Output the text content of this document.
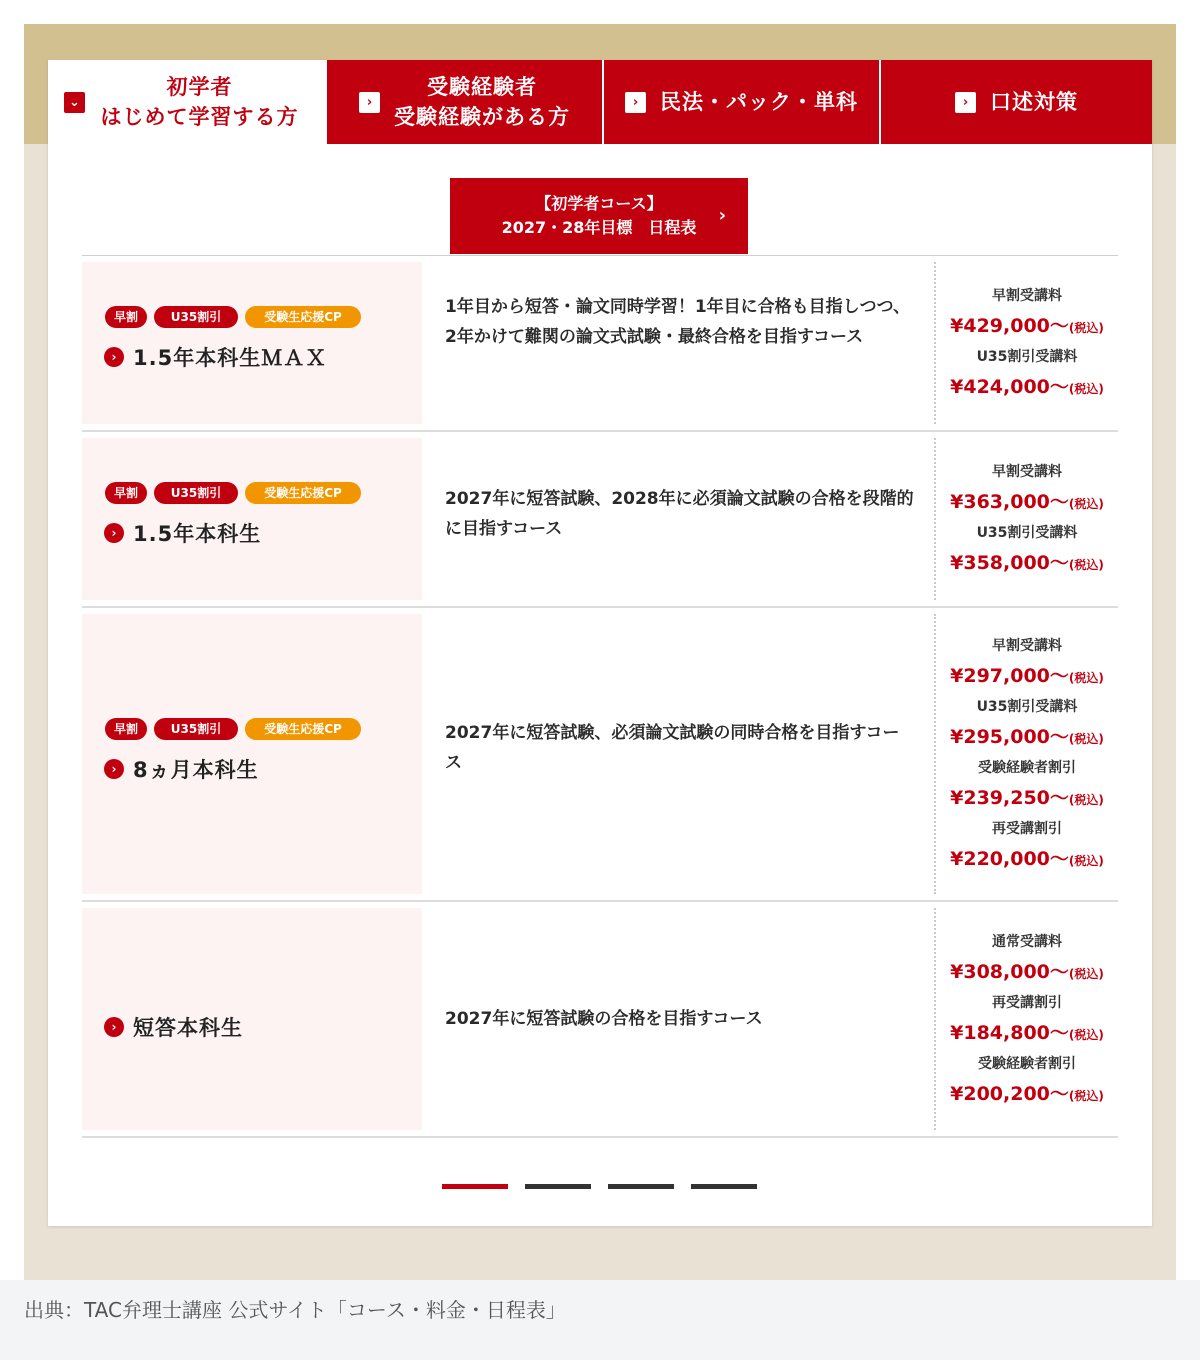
⌄
初学者
はじめて学習する方
›
受験経験者
受験経験がある方
›	民法・パック・単科	›	口述対策
【初学者コース】
2027・28年目標　日程表
›
早割	U35割引	受験生応援CP
› 1.5年本科生ＭＡＸ
1年目から短答・論文同時学習！1年目に合格も目指しつつ、2年かけて難関の論文式試験・最終合格を目指すコース
早割受講料
¥429,000〜(税込)
U35割引受講料
¥424,000〜(税込)
早割	U35割引	受験生応援CP
› 1.5年本科生
2027年に短答試験、2028年に必須論文試験の合格を段階的に目指すコース
早割受講料
¥363,000〜(税込)
U35割引受講料
¥358,000〜(税込)
早割	U35割引	受験生応援CP
› 8ヵ月本科生
2027年に短答試験、必須論文試験の同時合格を目指すコース
早割受講料
¥297,000〜(税込)
U35割引受講料
¥295,000〜(税込)
受験経験者割引
¥239,250〜(税込)
再受講割引
¥220,000〜(税込)
› 短答本科生	2027年に短答試験の合格を目指すコース
通常受講料
¥308,000〜(税込)
再受講割引
¥184,800〜(税込)
受験経験者割引
¥200,200〜(税込)
出典：TAC弁理士講座 公式サイト「コース・料金・日程表」
